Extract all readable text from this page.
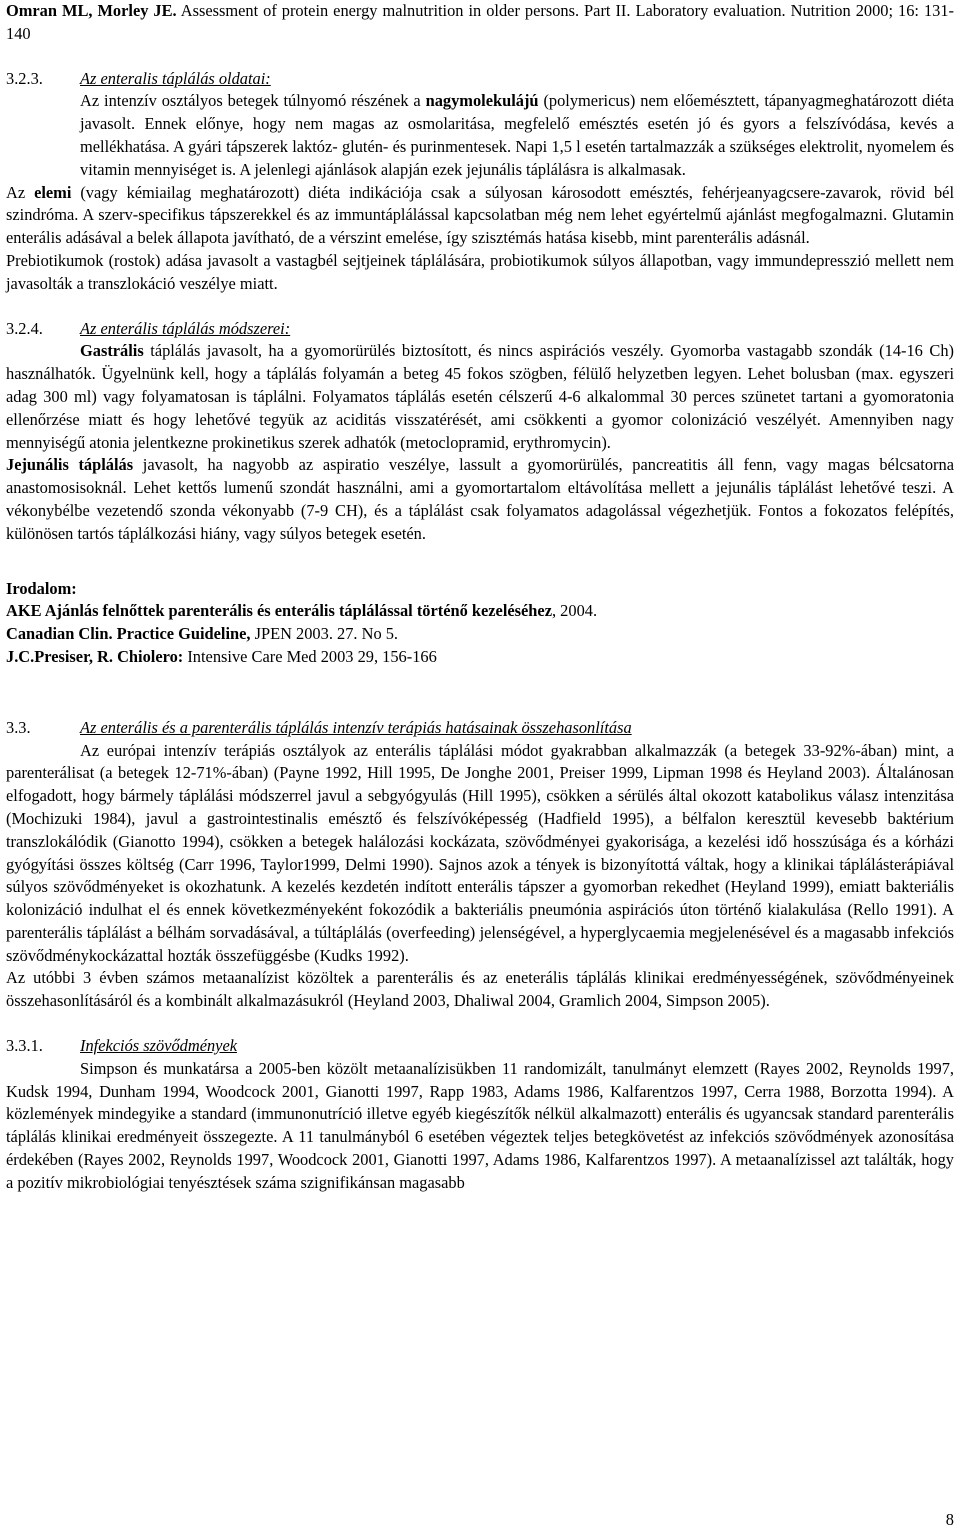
Omran ML, Morley JE. Assessment of protein energy malnutrition in older persons. Part II. Laboratory evaluation. Nutrition 2000; 16: 131-140

3.2.3.	Az enteralis táplálás oldatai:

Az intenzív osztályos betegek túlnyomó részének a nagymolekulájú (polymericus) nem előemésztett, tápanyagmeghatározott diéta javasolt. Ennek előnye, hogy nem magas az osmolaritása, megfelelő emésztés esetén jó és gyors a felszívódása, kevés a mellékhatása. A gyári tápszerek laktóz- glutén- és purinmentesek. Napi 1,5 l esetén tartalmazzák a szükséges elektrolit, nyomelem és vitamin mennyiséget is. A jelenlegi ajánlások alapján ezek jejunális táplálásra is alkalmasak.

Az elemi (vagy kémiailag meghatározott) diéta indikációja csak a súlyosan károsodott emésztés, fehérjeanyagcsere-zavarok, rövid bél szindróma. A szerv-specifikus tápszerekkel és az immuntáplálással kapcsolatban még nem lehet egyértelmű ajánlást megfogalmazni. Glutamin enterális adásával a belek állapota javítható, de a vérszint emelése, így szisztémás hatása kisebb, mint parenterális adásnál.

Prebiotikumok (rostok) adása javasolt a vastagbél sejtjeinek táplálására, probiotikumok súlyos állapotban, vagy immundepresszió mellett nem javasolták a transzlokáció veszélye miatt.

3.2.4.	Az enterális táplálás módszerei:

Gastrális táplálás javasolt, ha a gyomorürülés biztosított, és nincs aspirációs veszély. Gyomorba vastagabb szondák (14-16 Ch) használhatók. Ügyelnünk kell, hogy a táplálás folyamán a beteg 45 fokos szögben, félülő helyzetben legyen. Lehet bolusban (max. egyszeri adag 300 ml) vagy folyamatosan is táplálni. Folyamatos táplálás esetén célszerű 4-6 alkalommal 30 perces szünetet tartani a gyomoratonia ellenőrzése miatt és hogy lehetővé tegyük az aciditás visszatérését, ami csökkenti a gyomor colonizáció veszélyét. Amennyiben nagy mennyiségű atonia jelentkezne prokinetikus szerek adhatók (metoclopramid, erythromycin).

Jejunális táplálás javasolt, ha nagyobb az aspiratio veszélye, lassult a gyomorürülés, pancreatitis áll fenn, vagy magas bélcsatorna anastomosisoknál. Lehet kettős lumenű szondát használni, ami a gyomortartalom eltávolítása mellett a jejunális táplálást lehetővé teszi. A vékonybélbe vezetendő szonda vékonyabb (7-9 CH), és a táplálást csak folyamatos adagolással végezhetjük. Fontos a fokozatos felépítés, különösen tartós táplálkozási hiány, vagy súlyos betegek esetén.

Irodalom:

AKE Ajánlás felnőttek parenterális és enterális táplálással történő kezeléséhez, 2004.

Canadian Clin. Practice Guideline, JPEN 2003. 27. No 5.

J.C.Presiser, R. Chiolero: Intensive Care Med 2003 29, 156-166

3.3.	Az enterális és a parenterális táplálás intenzív terápiás hatásainak összehasonlítása

Az európai intenzív terápiás osztályok az enterális táplálási módot gyakrabban alkalmazzák (a betegek 33-92%-ában) mint, a parenterálisat (a betegek 12-71%-ában) (Payne 1992, Hill 1995, De Jonghe 2001, Preiser 1999, Lipman 1998 és Heyland 2003). Általánosan elfogadott, hogy bármely táplálási módszerrel javul a sebgyógyulás (Hill 1995), csökken a sérülés által okozott katabolikus válasz intenzitása (Mochizuki 1984), javul a gastrointestinalis emésztő és felszívóképesség (Hadfield 1995), a bélfalon keresztül kevesebb baktérium transzlokálódik (Gianotto 1994), csökken a betegek halálozási kockázata, szövődményei gyakorisága, a kezelési idő hosszúsága és a kórházi gyógyítási összes költség (Carr 1996, Taylor1999, Delmi 1990). Sajnos azok a tények is bizonyítottá váltak, hogy a klinikai táplálásterápiával súlyos szövődményeket is okozhatunk. A kezelés kezdetén indított enterális tápszer a gyomorban rekedhet (Heyland 1999), emiatt bakteriális kolonizáció indulhat el és ennek következményeként fokozódik a bakteriális pneumónia aspirációs úton történő kialakulása (Rello 1991). A parenterális táplálást a bélhám sorvadásával, a túltáplálás (overfeeding) jelenségével, a hyperglycaemia megjelenésével és a magasabb infekciós szövődménykockázattal hozták összefüggésbe (Kudks 1992).

Az utóbbi 3 évben számos metaanalízist közöltek a parenterális és az eneterális táplálás klinikai eredményességének, szövődményeinek összehasonlításáról és a kombinált alkalmazásukról (Heyland 2003, Dhaliwal 2004, Gramlich 2004, Simpson 2005).

3.3.1.	Infekciós szövődmények

Simpson és munkatársa a 2005-ben közölt metaanalízisükben 11 randomizált, tanulmányt elemzett (Rayes 2002, Reynolds 1997, Kudsk 1994, Dunham 1994, Woodcock 2001, Gianotti 1997, Rapp 1983, Adams 1986, Kalfarentzos 1997, Cerra 1988, Borzotta 1994). A közlemények mindegyike a standard (immunonutríció illetve egyéb kiegészítők nélkül alkalmazott) enterális és ugyancsak standard parenterális táplálás klinikai eredményeit összegezte. A 11 tanulmányból 6 esetében végeztek teljes betegkövetést az infekciós szövődmények azonosítása érdekében (Rayes 2002, Reynolds 1997, Woodcock 2001, Gianotti 1997, Adams 1986, Kalfarentzos 1997). A metaanalízissel azt találták, hogy a pozitív mikrobiológiai tenyésztések száma szignifikánsan magasabb

8
